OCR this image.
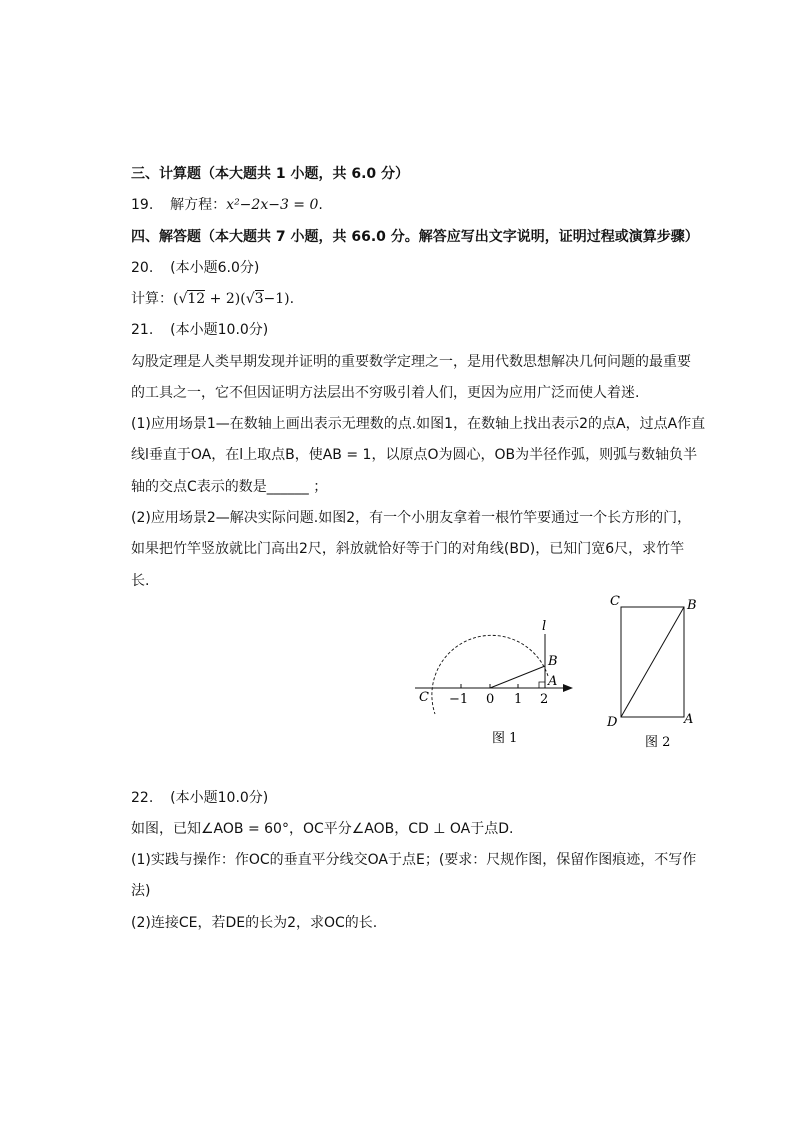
三、计算题（本大题共 1 小题，共 6.0 分）
19. 解方程：x²−2x−3 = 0.
四、解答题（本大题共 7 小题，共 66.0 分。解答应写出文字说明，证明过程或演算步骤）
20. (本小题6.0分)
计算：(√12 + 2)(√3−1).
21. (本小题10.0分)
勾股定理是人类早期发现并证明的重要数学定理之一，是用代数思想解决几何问题的最重要
的工具之一，它不但因证明方法层出不穷吸引着人们，更因为应用广泛而使人着迷.
(1)应用场景1—在数轴上画出表示无理数的点.如图1，在数轴上找出表示2的点A，过点A作直
线l垂直于OA，在l上取点B，使AB = 1，以原点O为圆心，OB为半径作弧，则弧与数轴负半
轴的交点C表示的数是______ ；
(2)应用场景2—解决实际问题.如图2，有一个小朋友拿着一根竹竿要通过一个长方形的门，
如果把竹竿竖放就比门高出2尺，斜放就恰好等于门的对角线(BD)，已知门宽6尺，求竹竿
长.
l
B
A
C −1 0 1 2
图 1
C	B
D	A
图 2
22. (本小题10.0分)
如图，已知∠AOB = 60°，OC平分∠AOB，CD ⊥ OA于点D.
(1)实践与操作：作OC的垂直平分线交OA于点E；(要求：尺规作图，保留作图痕迹，不写作
法)
(2)连接CE，若DE的长为2，求OC的长.
